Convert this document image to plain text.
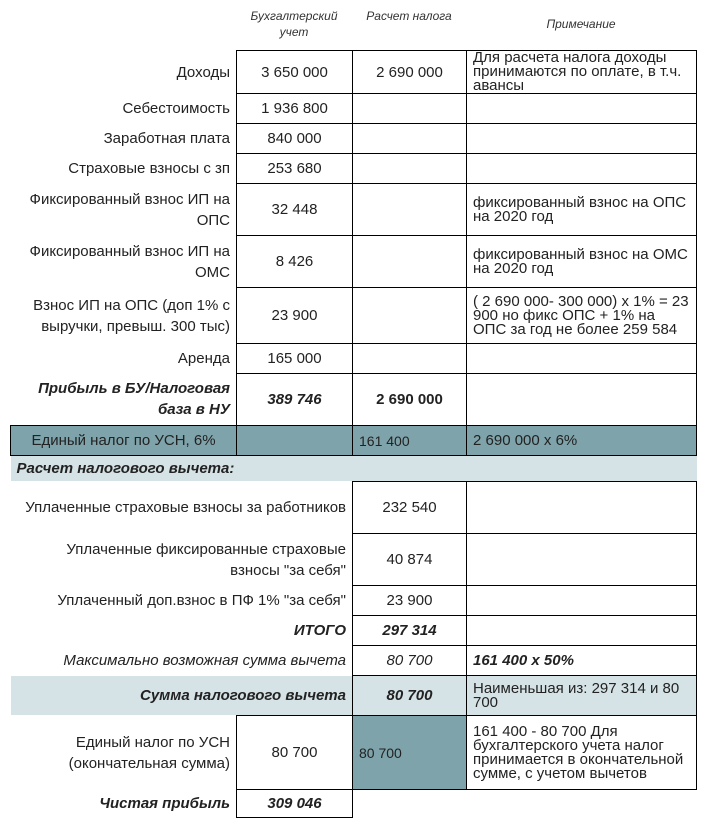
Бухгалтерский учет
Расчет налога
Примечание
Доходы	3 650 000	2 690 000	Для расчета налога доходы принимаются по оплате, в т.ч. авансы
Себестоимость	1 936 800		
Заработная плата	840 000		
Страховые взносы с зп	253 680		
Фиксированный взнос ИП на ОПС	32 448		фиксированный взнос на ОПС на 2020 год
Фиксированный взнос ИП на ОМС	8 426		фиксированный взнос на ОМС на 2020 год
Взнос ИП на ОПС (доп 1% с выручки, превыш. 300 тыс)	23 900		( 2 690 000- 300 000) х 1% = 23 900 но фикс ОПС + 1% на ОПС за год не более 259 584
Аренда	165 000		
Прибыль в БУ/Налоговая база в НУ	389 746	2 690 000	
Единый налог по УСН, 6%		161 400	2 690 000 х 6%
Расчет налогового вычета:			
Уплаченные страховые взносы за работников		232 540	
Уплаченные фиксированные страховые взносы "за себя"		40 874	
Уплаченный доп.взнос в ПФ 1% "за себя"		23 900	
ИТОГО		297 314	
Максимально возможная сумма вычета		80 700	161 400 х 50%
Сумма налогового вычета		80 700	Наименьшая из: 297 314 и 80 700
Единый налог по УСН (окончательная сумма)	80 700	80 700	161 400 - 80 700 Для бухгалтерского учета налог принимается в окончательной сумме, с учетом вычетов
Чистая прибыль	309 046		
